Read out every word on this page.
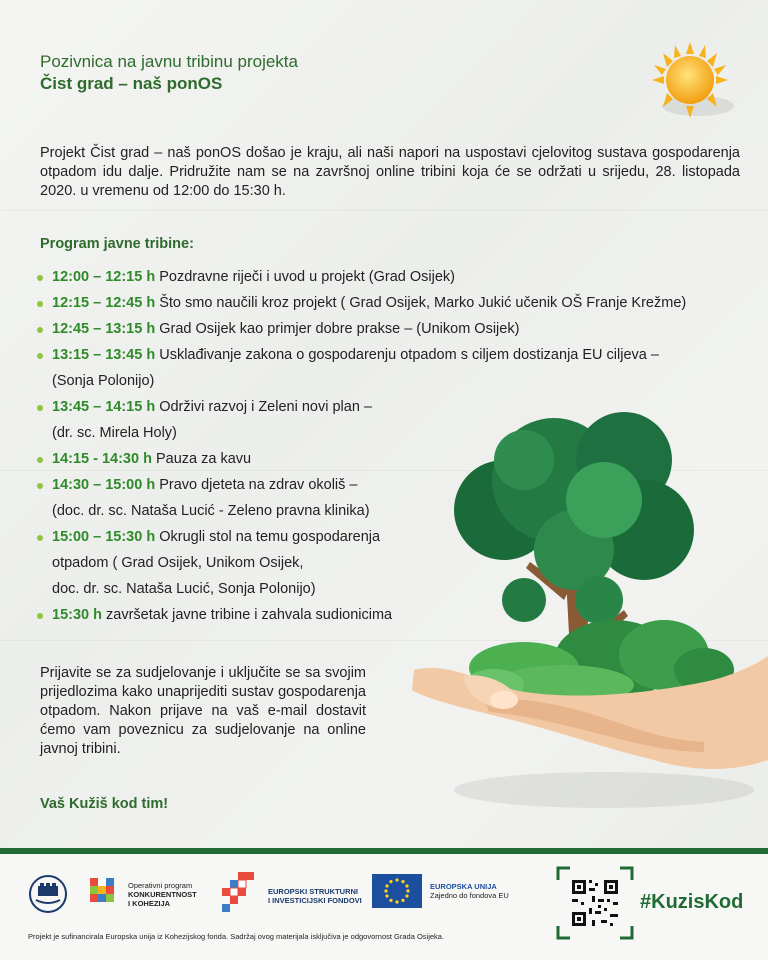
Pozivnica na javnu tribinu projekta
Čist grad – naš ponOS
Projekt Čist grad – naš ponOS došao je kraju, ali naši napori na uspostavi cjelovitog sustava gospodarenja otpadom idu dalje. Pridružite nam se na završnoj online tribini koja će se održati u srijedu, 28. listopada 2020. u vremenu od 12:00 do 15:30 h.
Program javne tribine:
12:00 – 12:15 h Pozdravne riječi i uvod u projekt (Grad Osijek)
12:15 – 12:45 h Što smo naučili kroz projekt ( Grad Osijek, Marko Jukić učenik OŠ Franje Krežme)
12:45 – 13:15 h Grad Osijek kao primjer dobre prakse – (Unikom Osijek)
13:15 – 13:45 h Usklađivanje zakona o gospodarenju otpadom s ciljem dostizanja EU ciljeva –
(Sonja Polonijo)
13:45 – 14:15 h Održivi razvoj i Zeleni novi plan –
(dr. sc. Mirela Holy)
14:15 - 14:30 h Pauza za kavu
14:30 – 15:00 h Pravo djeteta na zdrav okoliš –
(doc. dr. sc. Nataša Lucić - Zeleno pravna klinika)
15:00 – 15:30 h Okrugli stol na temu gospodarenja
otpadom ( Grad Osijek, Unikom Osijek,
doc. dr. sc. Nataša Lucić, Sonja Polonijo)
15:30 h završetak javne tribine i zahvala sudionicima
Prijavite se za sudjelovanje i uključite se sa svojim prijedlozima kako unaprijediti sustav gospodarenja otpadom. Nakon prijave na vaš e-mail dostavit ćemo vam poveznicu za sudjelovanje na online javnoj tribini.
Vaš Kužiš kod tim!
Operativni program
KONKURENTNOST
I KOHEZIJA
EUROPSKI STRUKTURNI
I INVESTICIJSKI FONDOVI
EUROPSKA UNIJA
Zajedno do fondova EU	#KuzisKod
Projekt je sufinancirala Europska unija iz Kohezijskog fonda. Sadržaj ovog materijala isključiva je odgovornost Grada Osijeka.
